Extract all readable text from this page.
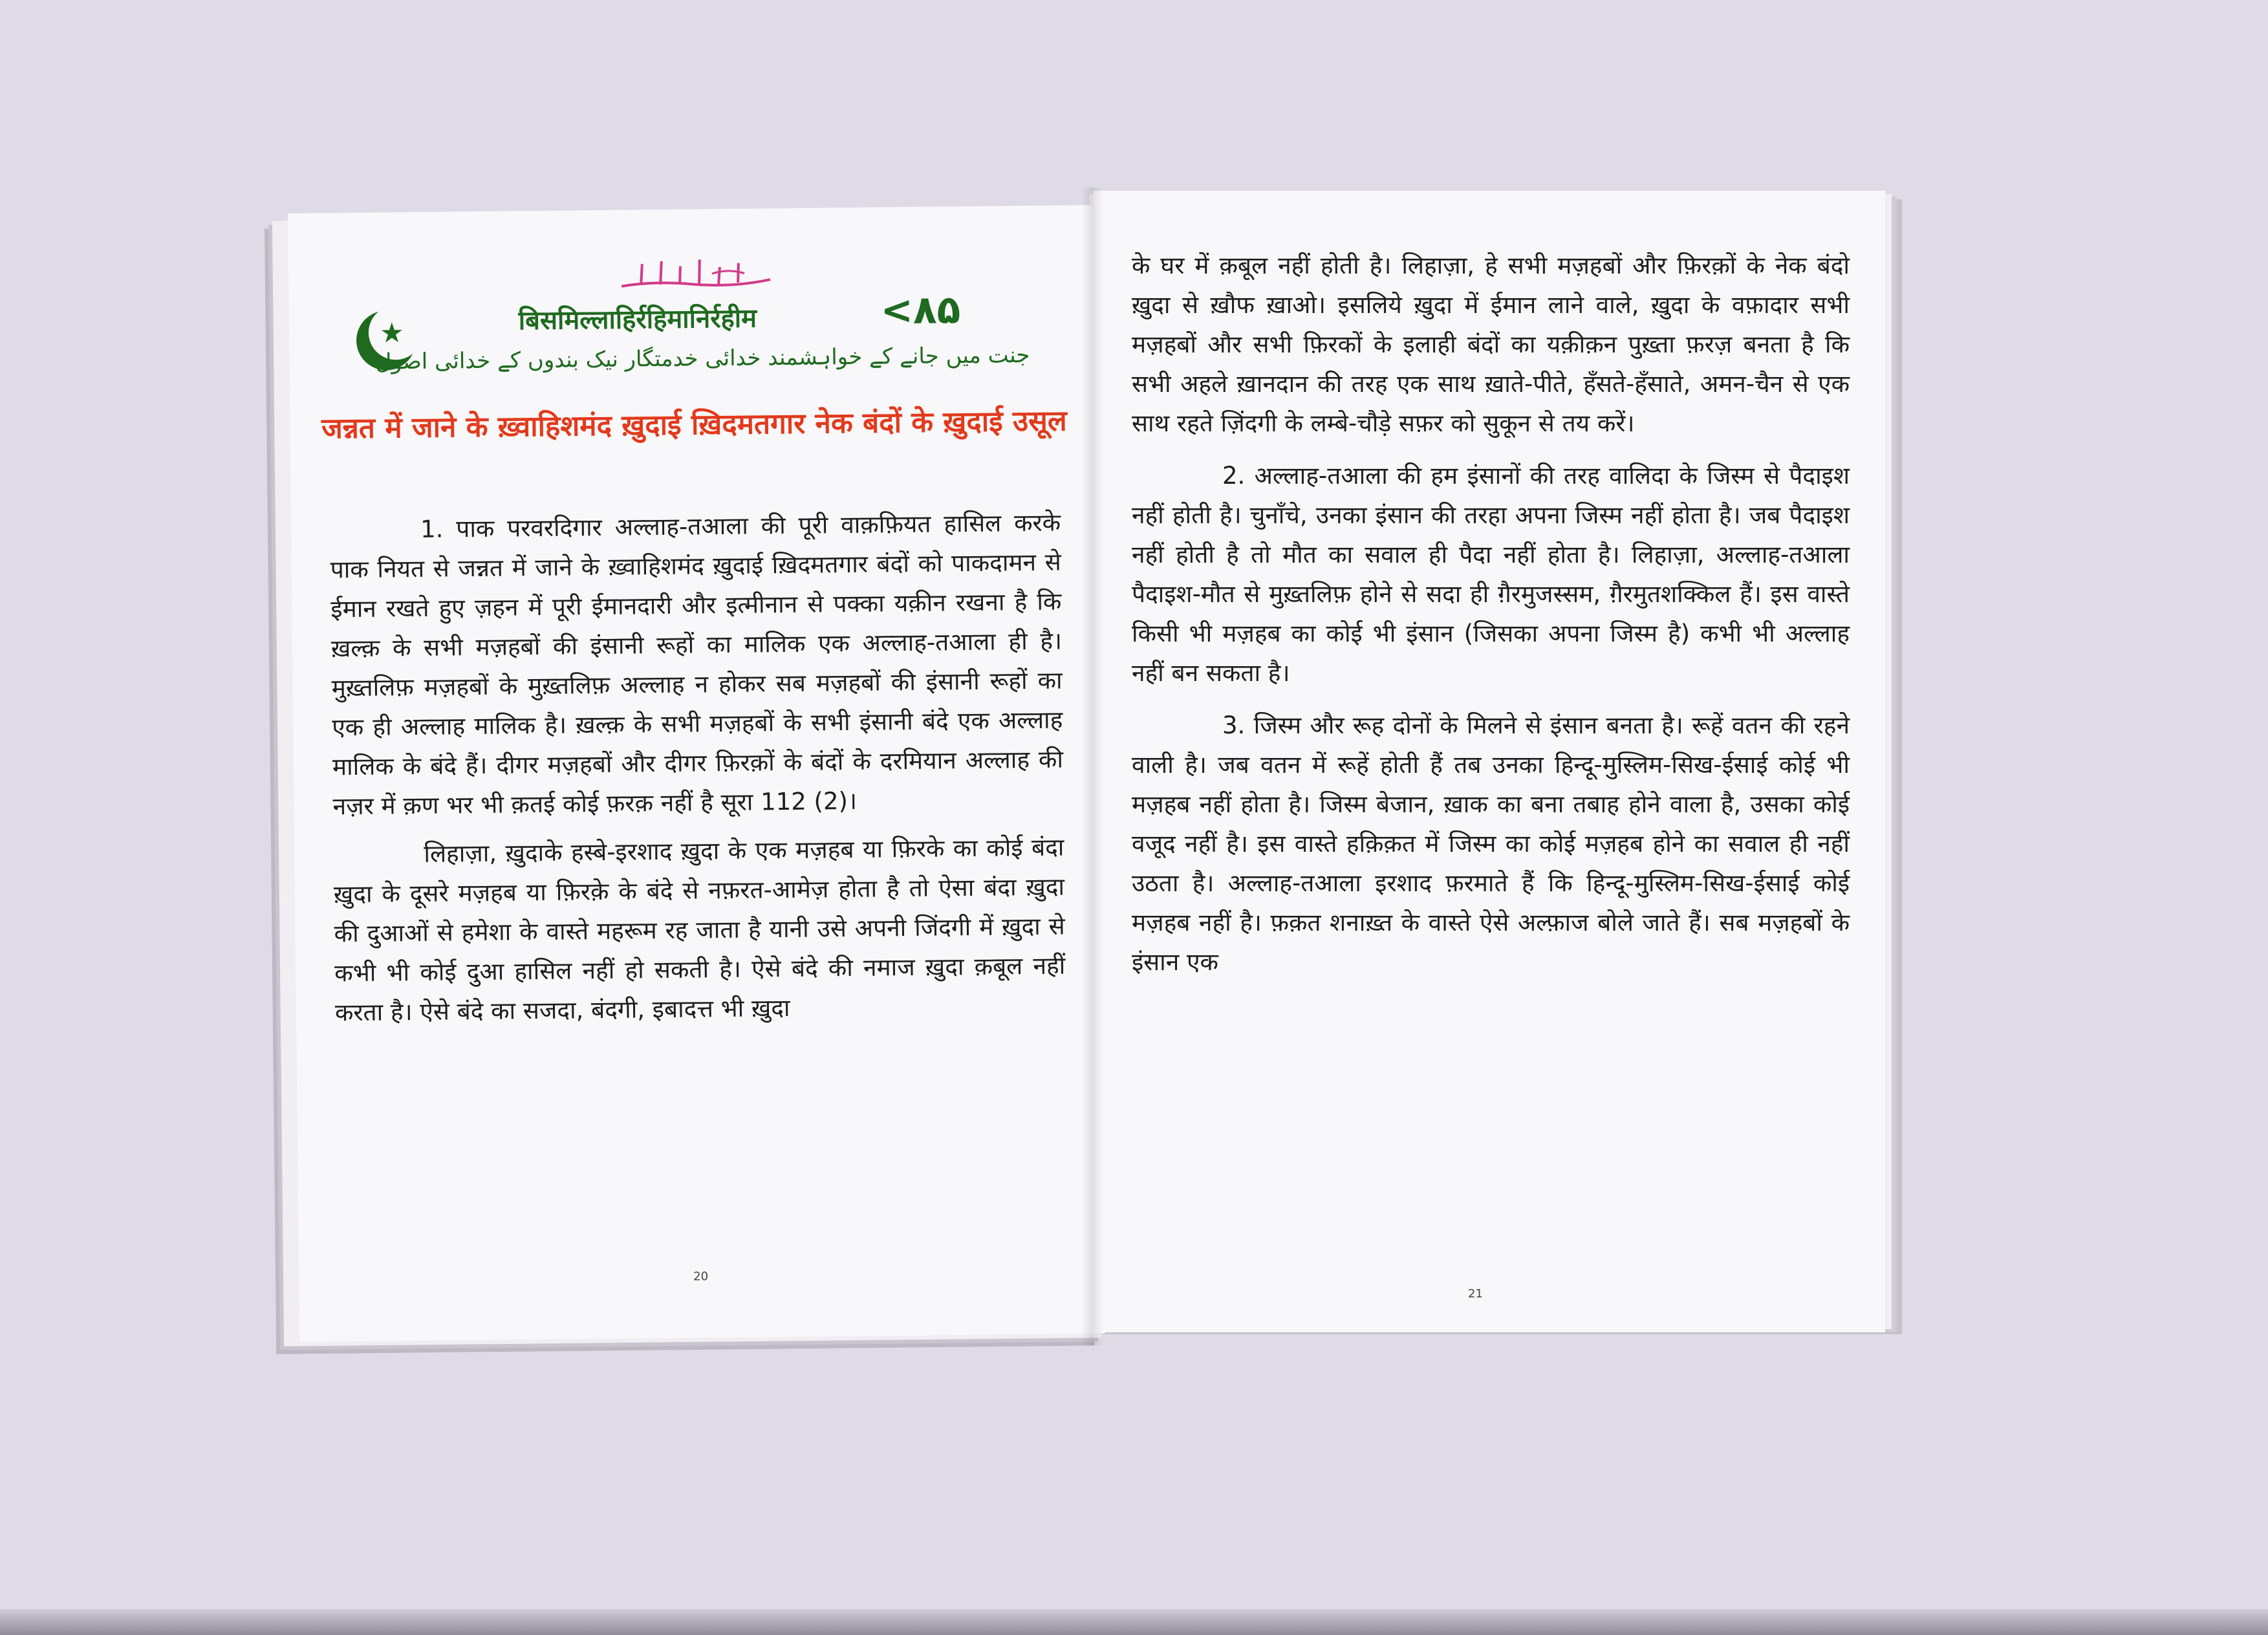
बिसमिल्लाहिर्रहिमानिर्रहीम	<۸۵
جنت میں جانے کے خواہشمند خدائی خدمتگار نیک بندوں کے خدائی اصول
जन्नत में जाने के ख़्वाहिशमंद ख़ुदाई ख़िदमतगार नेक बंदों के ख़ुदाई उसूल

1. पाक परवरदिगार अल्लाह-तआला की पूरी वाक़फ़ियत हासिल करके पाक नियत से जन्नत में जाने के ख़्वाहिशमंद ख़ुदाई ख़िदमतगार बंदों को पाकदामन से ईमान रखते हुए ज़हन में पूरी ईमानदारी और इत्मीनान से पक्का यक़ीन रखना है कि ख़ल्क़ के सभी मज़हबों की इंसानी रूहों का मालिक एक अल्लाह-तआला ही है। मुख़्तलिफ़ मज़हबों के मुख़्तलिफ़ अल्लाह न होकर सब मज़हबों की इंसानी रूहों का एक ही अल्लाह मालिक है। ख़ल्क़ के सभी मज़हबों के सभी इंसानी बंदे एक अल्लाह मालिक के बंदे हैं। दीगर मज़हबों और दीगर फ़िरक़ों के बंदों के दरमियान अल्लाह की नज़र में क़ण भर भी क़तई कोई फ़रक़ नहीं है सूरा 112 (2)।

लिहाज़ा, ख़ुदाके हस्बे-इरशाद ख़ुदा के एक मज़हब या फ़िरके का कोई बंदा ख़ुदा के दूसरे मज़हब या फ़िरक़े के बंदे से नफ़रत-आमेज़ होता है तो ऐसा बंदा ख़ुदा की दुआओं से हमेशा के वास्ते महरूम रह जाता है यानी उसे अपनी जिंदगी में ख़ुदा से कभी भी कोई दुआ हासिल नहीं हो सकती है। ऐसे बंदे की नमाज ख़ुदा क़बूल नहीं करता है। ऐसे बंदे का सजदा, बंदगी, इबादत्त भी ख़ुदा

20

के घर में क़बूल नहीं होती है। लिहाज़ा, हे सभी मज़हबों और फ़िरक़ों के नेक बंदो ख़ुदा से ख़ौफ ख़ाओ। इसलिये ख़ुदा में ईमान लाने वाले, ख़ुदा के वफ़ादार सभी मज़हबों और सभी फ़िरकों के इलाही बंदों का यक़ीक़न पुख़्ता फ़रज़ बनता है कि सभी अहले ख़ानदान की तरह एक साथ ख़ाते-पीते, हँसते-हँसाते, अमन-चैन से एक साथ रहते ज़िंदगी के लम्बे-चौड़े सफ़र को सुकून से तय करें।

2. अल्लाह-तआला की हम इंसानों की तरह वालिदा के जिस्म से पैदाइश नहीं होती है। चुनाँचे, उनका इंसान की तरहा अपना जिस्म नहीं होता है। जब पैदाइश नहीं होती है तो मौत का सवाल ही पैदा नहीं होता है। लिहाज़ा, अल्लाह-तआला पैदाइश-मौत से मुख़्तलिफ़ होने से सदा ही ग़ैरमुजस्सम, ग़ैरमुतशक्किल हैं। इस वास्ते किसी भी मज़हब का कोई भी इंसान (जिसका अपना जिस्म है) कभी भी अल्लाह नहीं बन सकता है।

3. जिस्म और रूह दोनों के मिलने से इंसान बनता है। रूहें वतन की रहने वाली है। जब वतन में रूहें होती हैं तब उनका हिन्दू-मुस्लिम-सिख-ईसाई कोई भी मज़हब नहीं होता है। जिस्म बेजान, ख़ाक का बना तबाह होने वाला है, उसका कोई वजूद नहीं है। इस वास्ते हक़िक़त में जिस्म का कोई मज़हब होने का सवाल ही नहीं उठता है। अल्लाह-तआला इरशाद फ़रमाते हैं कि हिन्दू-मुस्लिम-सिख-ईसाई कोई मज़हब नहीं है। फ़क़त शनाख़्त के वास्ते ऐसे अल्फ़ाज बोले जाते हैं। सब मज़हबों के इंसान एक

21
